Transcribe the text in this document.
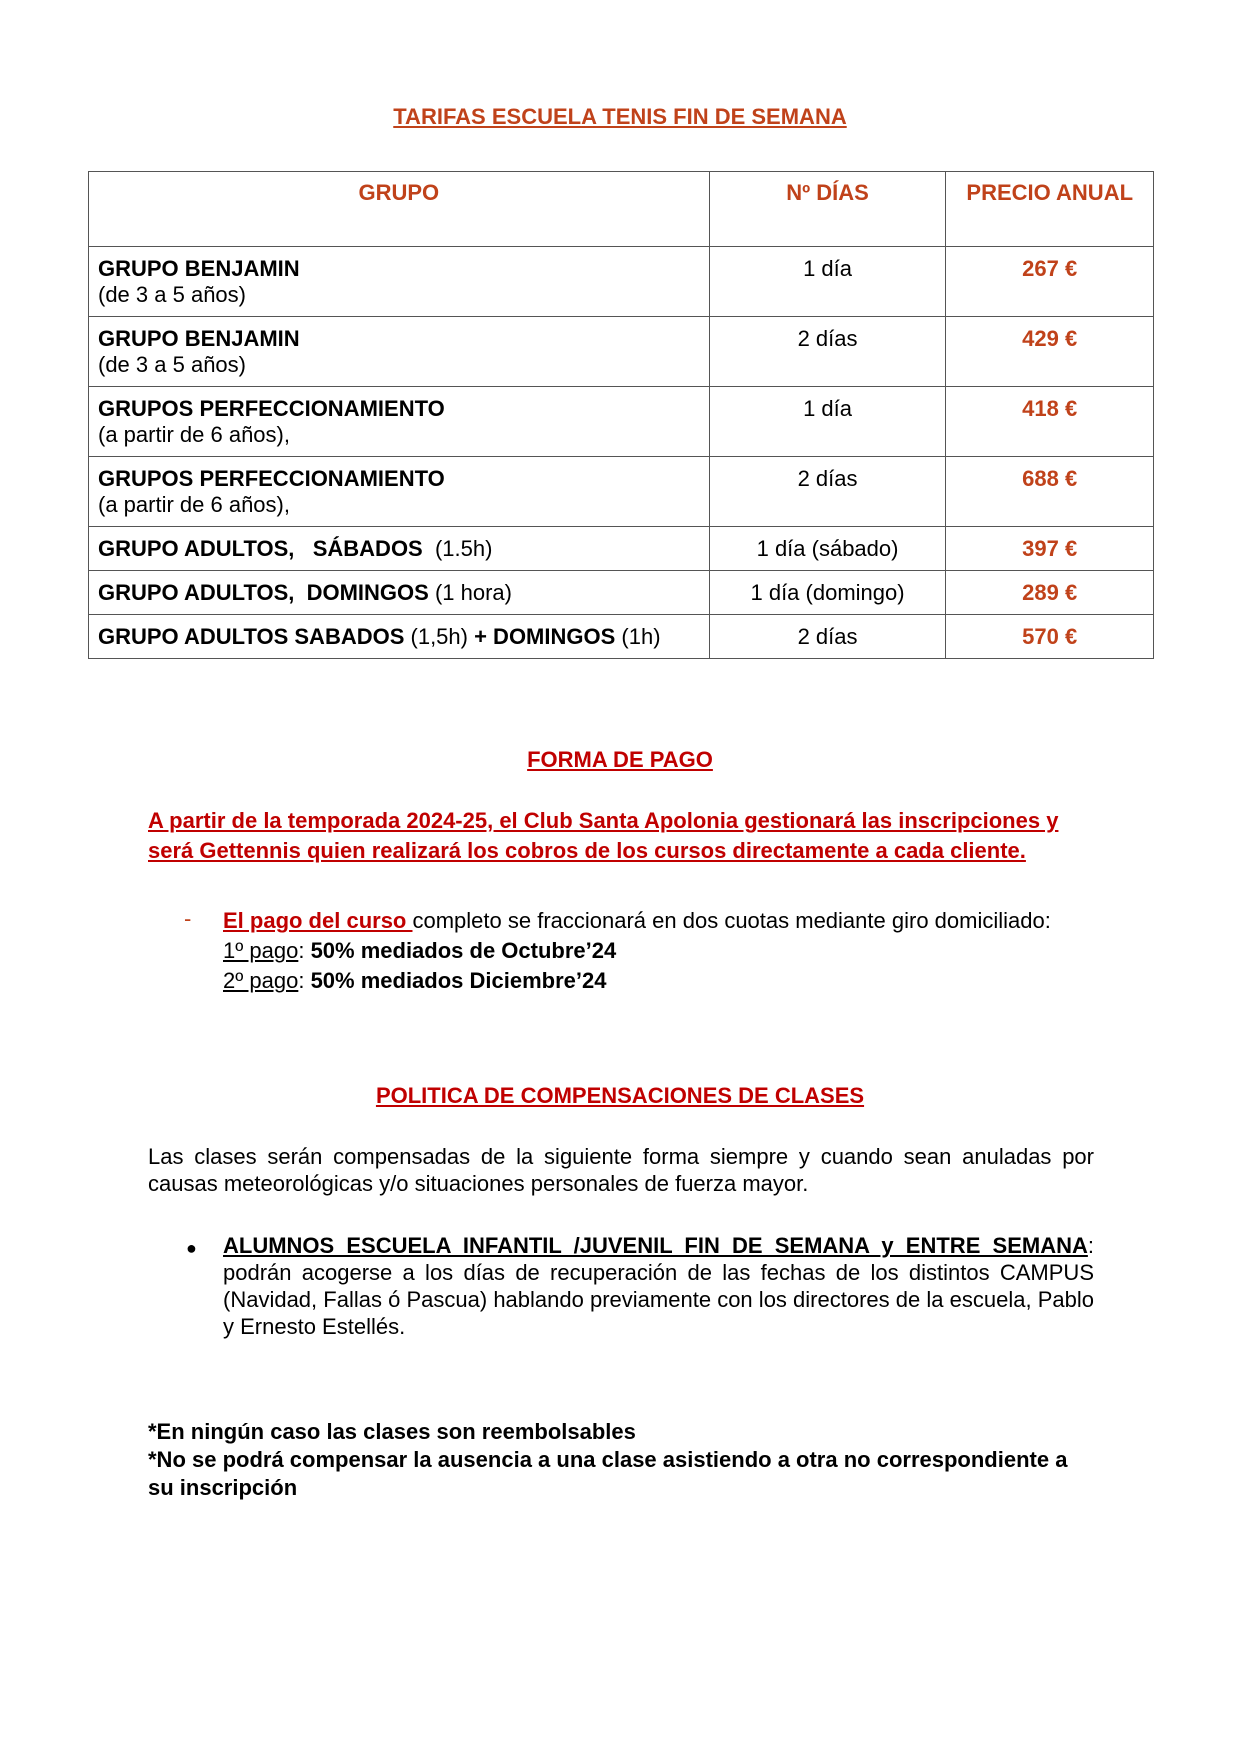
TARIFAS ESCUELA TENIS FIN DE SEMANA
GRUPO	Nº DÍAS	PRECIO ANUAL
GRUPO BENJAMIN
(de 3 a 5 años)	1 día	267 €
GRUPO BENJAMIN
(de 3 a 5 años)	2 días	429 €
GRUPOS PERFECCIONAMIENTO
(a partir de 6 años),	1 día	418 €
GRUPOS PERFECCIONAMIENTO
(a partir de 6 años),	2 días	688 €
GRUPO ADULTOS,   SÁBADOS  (1.5h)	1 día (sábado)	397 €
GRUPO ADULTOS,  DOMINGOS (1 hora)	1 día (domingo)	289 €
GRUPO ADULTOS SABADOS (1,5h) + DOMINGOS (1h)	2 días	570 €
FORMA DE PAGO
A partir de la temporada 2024-25, el Club Santa Apolonia gestionará las inscripciones y será Gettennis quien realizará los cobros de los cursos directamente a cada cliente.
- El pago del curso completo se fraccionará en dos cuotas mediante giro domiciliado:
1º pago: 50% mediados de Octubre’24
2º pago: 50% mediados Diciembre’24
POLITICA DE COMPENSACIONES DE CLASES
Las clases serán compensadas de la siguiente forma siempre y cuando sean anuladas por causas meteorológicas y/o situaciones personales de fuerza mayor.
● ALUMNOS ESCUELA INFANTIL /JUVENIL FIN DE SEMANA y ENTRE SEMANA: podrán acogerse a los días de recuperación de las fechas de los distintos CAMPUS (Navidad, Fallas ó Pascua) hablando previamente con los directores de la escuela, Pablo y Ernesto Estellés.
*En ningún caso las clases son reembolsables
*No se podrá compensar la ausencia a una clase asistiendo a otra no correspondiente a su inscripción
